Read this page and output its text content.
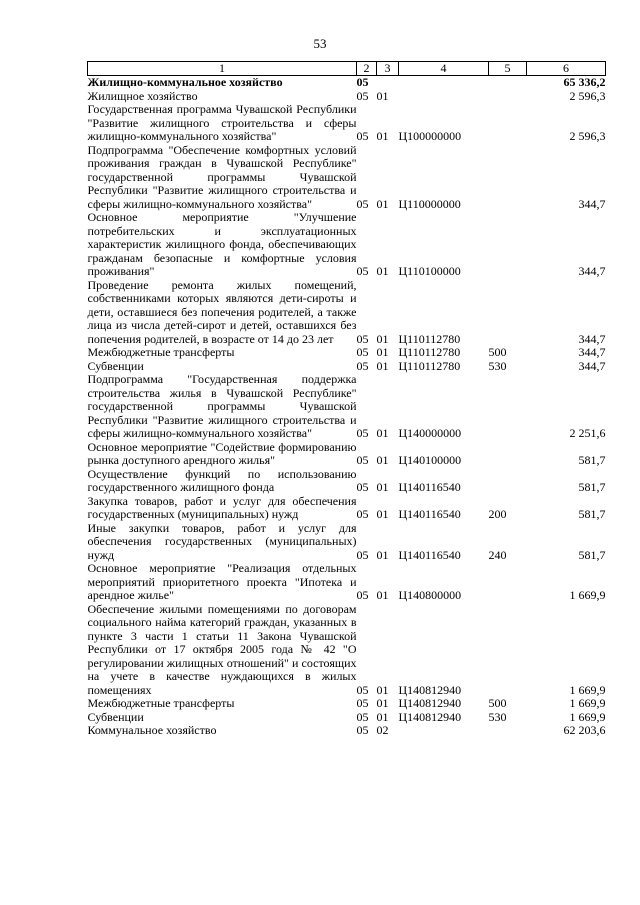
53
1	2	3	4	5	6
Жилищно-коммунальное хозяйство	05				65 336,2
Жилищное хозяйство	05	01			2 596,3
Государственная программа Чувашской Республики "Развитие жилищного строительства и сферы жилищно-коммунального хозяйства"	05	01	Ц100000000		2 596,3
Подпрограмма "Обеспечение комфортных условий проживания граждан в Чувашской Республике" государственной программы Чувашской Республики "Развитие жилищного строительства и сферы жилищно-коммунального хозяйства"	05	01	Ц110000000		344,7
Основное мероприятие "Улучшение потребительских и эксплуатационных характеристик жилищного фонда, обеспечивающих гражданам безопасные и комфортные условия проживания"	05	01	Ц110100000		344,7
Проведение ремонта жилых помещений, собственниками которых являются дети-сироты и дети, оставшиеся без попечения родителей, а также лица из числа детей-сирот и детей, оставшихся без попечения родителей, в возрасте от 14 до 23 лет	05	01	Ц110112780		344,7
Межбюджетные трансферты	05	01	Ц110112780	500	344,7
Субвенции	05	01	Ц110112780	530	344,7
Подпрограмма "Государственная поддержка строительства жилья в Чувашской Республике" государственной программы Чувашской Республики "Развитие жилищного строительства и сферы жилищно-коммунального хозяйства"	05	01	Ц140000000		2 251,6
Основное мероприятие "Содействие формированию рынка доступного арендного жилья"	05	01	Ц140100000		581,7
Осуществление функций по использованию государственного жилищного фонда	05	01	Ц140116540		581,7
Закупка товаров, работ и услуг для обеспечения государственных (муниципальных) нужд	05	01	Ц140116540	200	581,7
Иные закупки товаров, работ и услуг для обеспечения государственных (муниципальных) нужд	05	01	Ц140116540	240	581,7
Основное мероприятие "Реализация отдельных мероприятий приоритетного проекта "Ипотека и арендное жилье"	05	01	Ц140800000		1 669,9
Обеспечение жилыми помещениями по договорам социального найма категорий граждан, указанных в пункте 3 части 1 статьи 11 Закона Чувашской Республики от 17 октября 2005 года № 42 "О регулировании жилищных отношений" и состоящих на учете в качестве нуждающихся в жилых помещениях	05	01	Ц140812940		1 669,9
Межбюджетные трансферты	05	01	Ц140812940	500	1 669,9
Субвенции	05	01	Ц140812940	530	1 669,9
Коммунальное хозяйство	05	02			62 203,6
